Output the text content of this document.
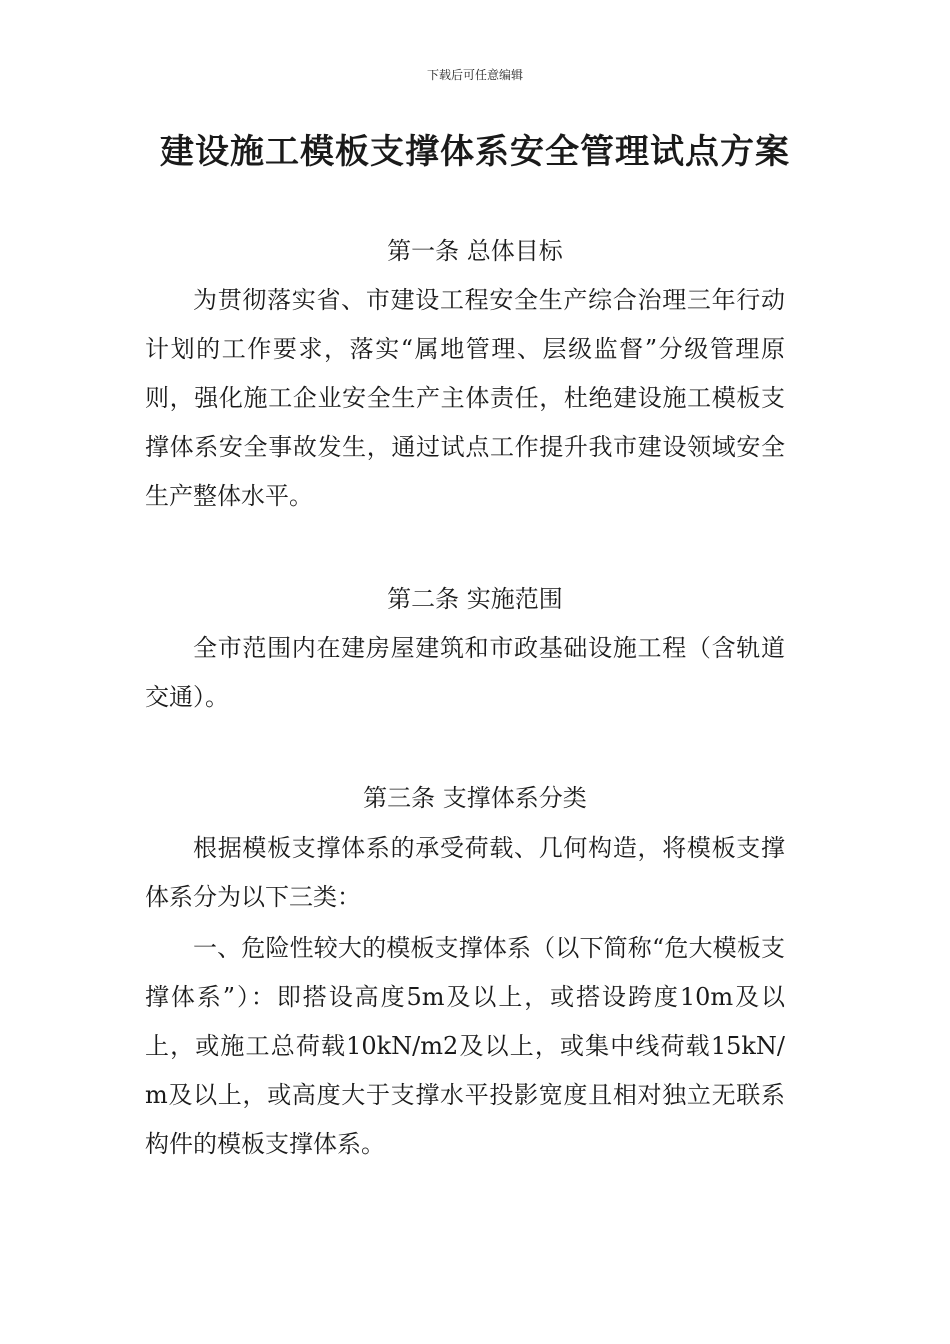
下载后可任意编辑
建设施工模板支撑体系安全管理试点方案
第一条 总体目标

为贯彻落实省、市建设工程安全生产综合治理三年行动计划的工作要求，落实“属地管理、层级监督”分级管理原则，强化施工企业安全生产主体责任，杜绝建设施工模板支撑体系安全事故发生，通过试点工作提升我市建设领域安全生产整体水平。

第二条 实施范围

全市范围内在建房屋建筑和市政基础设施工程（含轨道交通）。

第三条 支撑体系分类

根据模板支撑体系的承受荷载、几何构造，将模板支撑体系分为以下三类：

一、危险性较大的模板支撑体系（以下简称“危大模板支撑体系”）：即搭设高度5m及以上，或搭设跨度10m及以上，或施工总荷载10kN/m2及以上，或集中线荷载15kN/m及以上，或高度大于支撑水平投影宽度且相对独立无联系构件的模板支撑体系。
